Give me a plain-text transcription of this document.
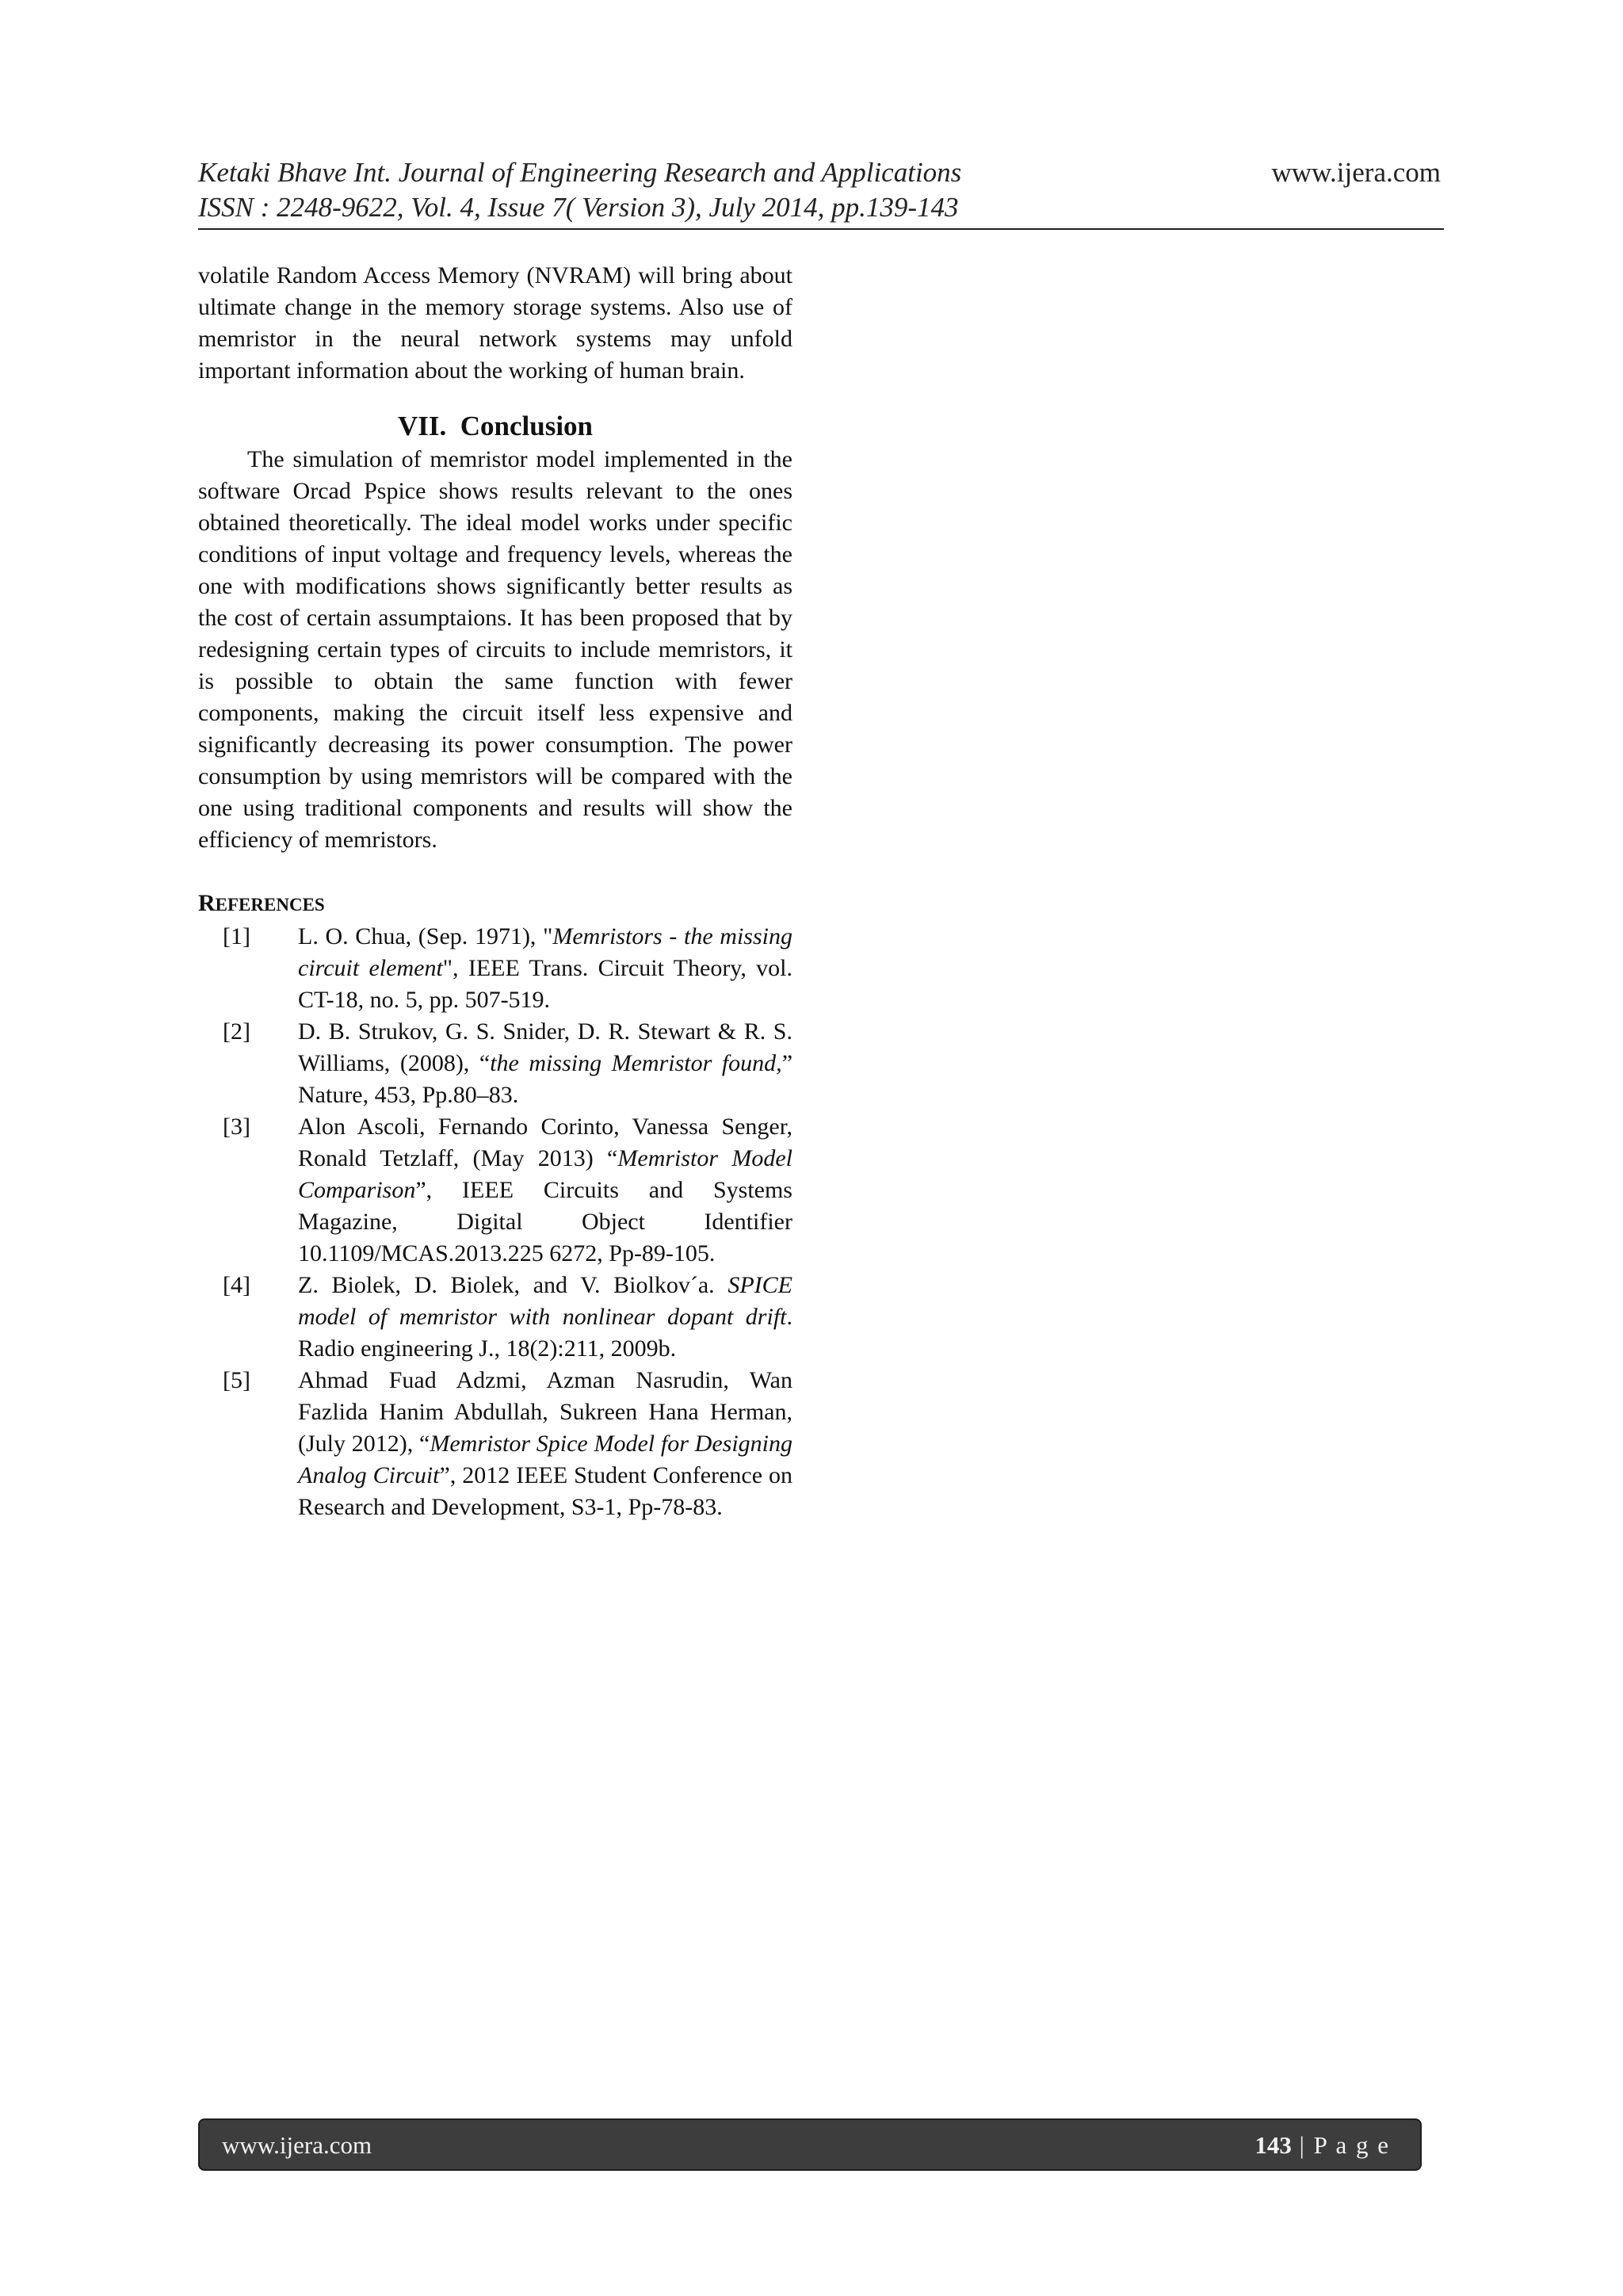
Ketaki Bhave Int. Journal of Engineering Research and Applications
ISSN : 2248-9622, Vol. 4, Issue 7( Version 3), July 2014, pp.139-143
www.ijera.com

volatile Random Access Memory (NVRAM) will bring about ultimate change in the memory storage systems. Also use of memristor in the neural network systems may unfold important information about the working of human brain.

VII. Conclusion

The simulation of memristor model implemented in the software Orcad Pspice shows results relevant to the ones obtained theoretically. The ideal model works under specific conditions of input voltage and frequency levels, whereas the one with modifications shows significantly better results as the cost of certain assumptaions. It has been proposed that by redesigning certain types of circuits to include memristors, it is possible to obtain the same function with fewer components, making the circuit itself less expensive and significantly decreasing its power consumption. The power consumption by using memristors will be compared with the one using traditional components and results will show the efficiency of memristors.

REFERENCES
[1] L. O. Chua, (Sep. 1971), "Memristors - the missing circuit element", IEEE Trans. Circuit Theory, vol. CT-18, no. 5, pp. 507-519.
[2] D. B. Strukov, G. S. Snider, D. R. Stewart & R. S. Williams, (2008), “the missing Memristor found,” Nature, 453, Pp.80–83.
[3] Alon Ascoli, Fernando Corinto, Vanessa Senger, Ronald Tetzlaff, (May 2013) “Memristor Model Comparison”, IEEE Circuits and Systems Magazine, Digital Object Identifier 10.1109/MCAS.2013.225 6272, Pp-89-105.
[4] Z. Biolek, D. Biolek, and V. Biolkov´a. SPICE model of memristor with nonlinear dopant drift. Radio engineering J., 18(2):211, 2009b.
[5] Ahmad Fuad Adzmi, Azman Nasrudin, Wan Fazlida Hanim Abdullah, Sukreen Hana Herman, (July 2012), “Memristor Spice Model for Designing Analog Circuit”, 2012 IEEE Student Conference on Research and Development, S3-1, Pp-78-83.
www.ijera.com	143 | P a g e
